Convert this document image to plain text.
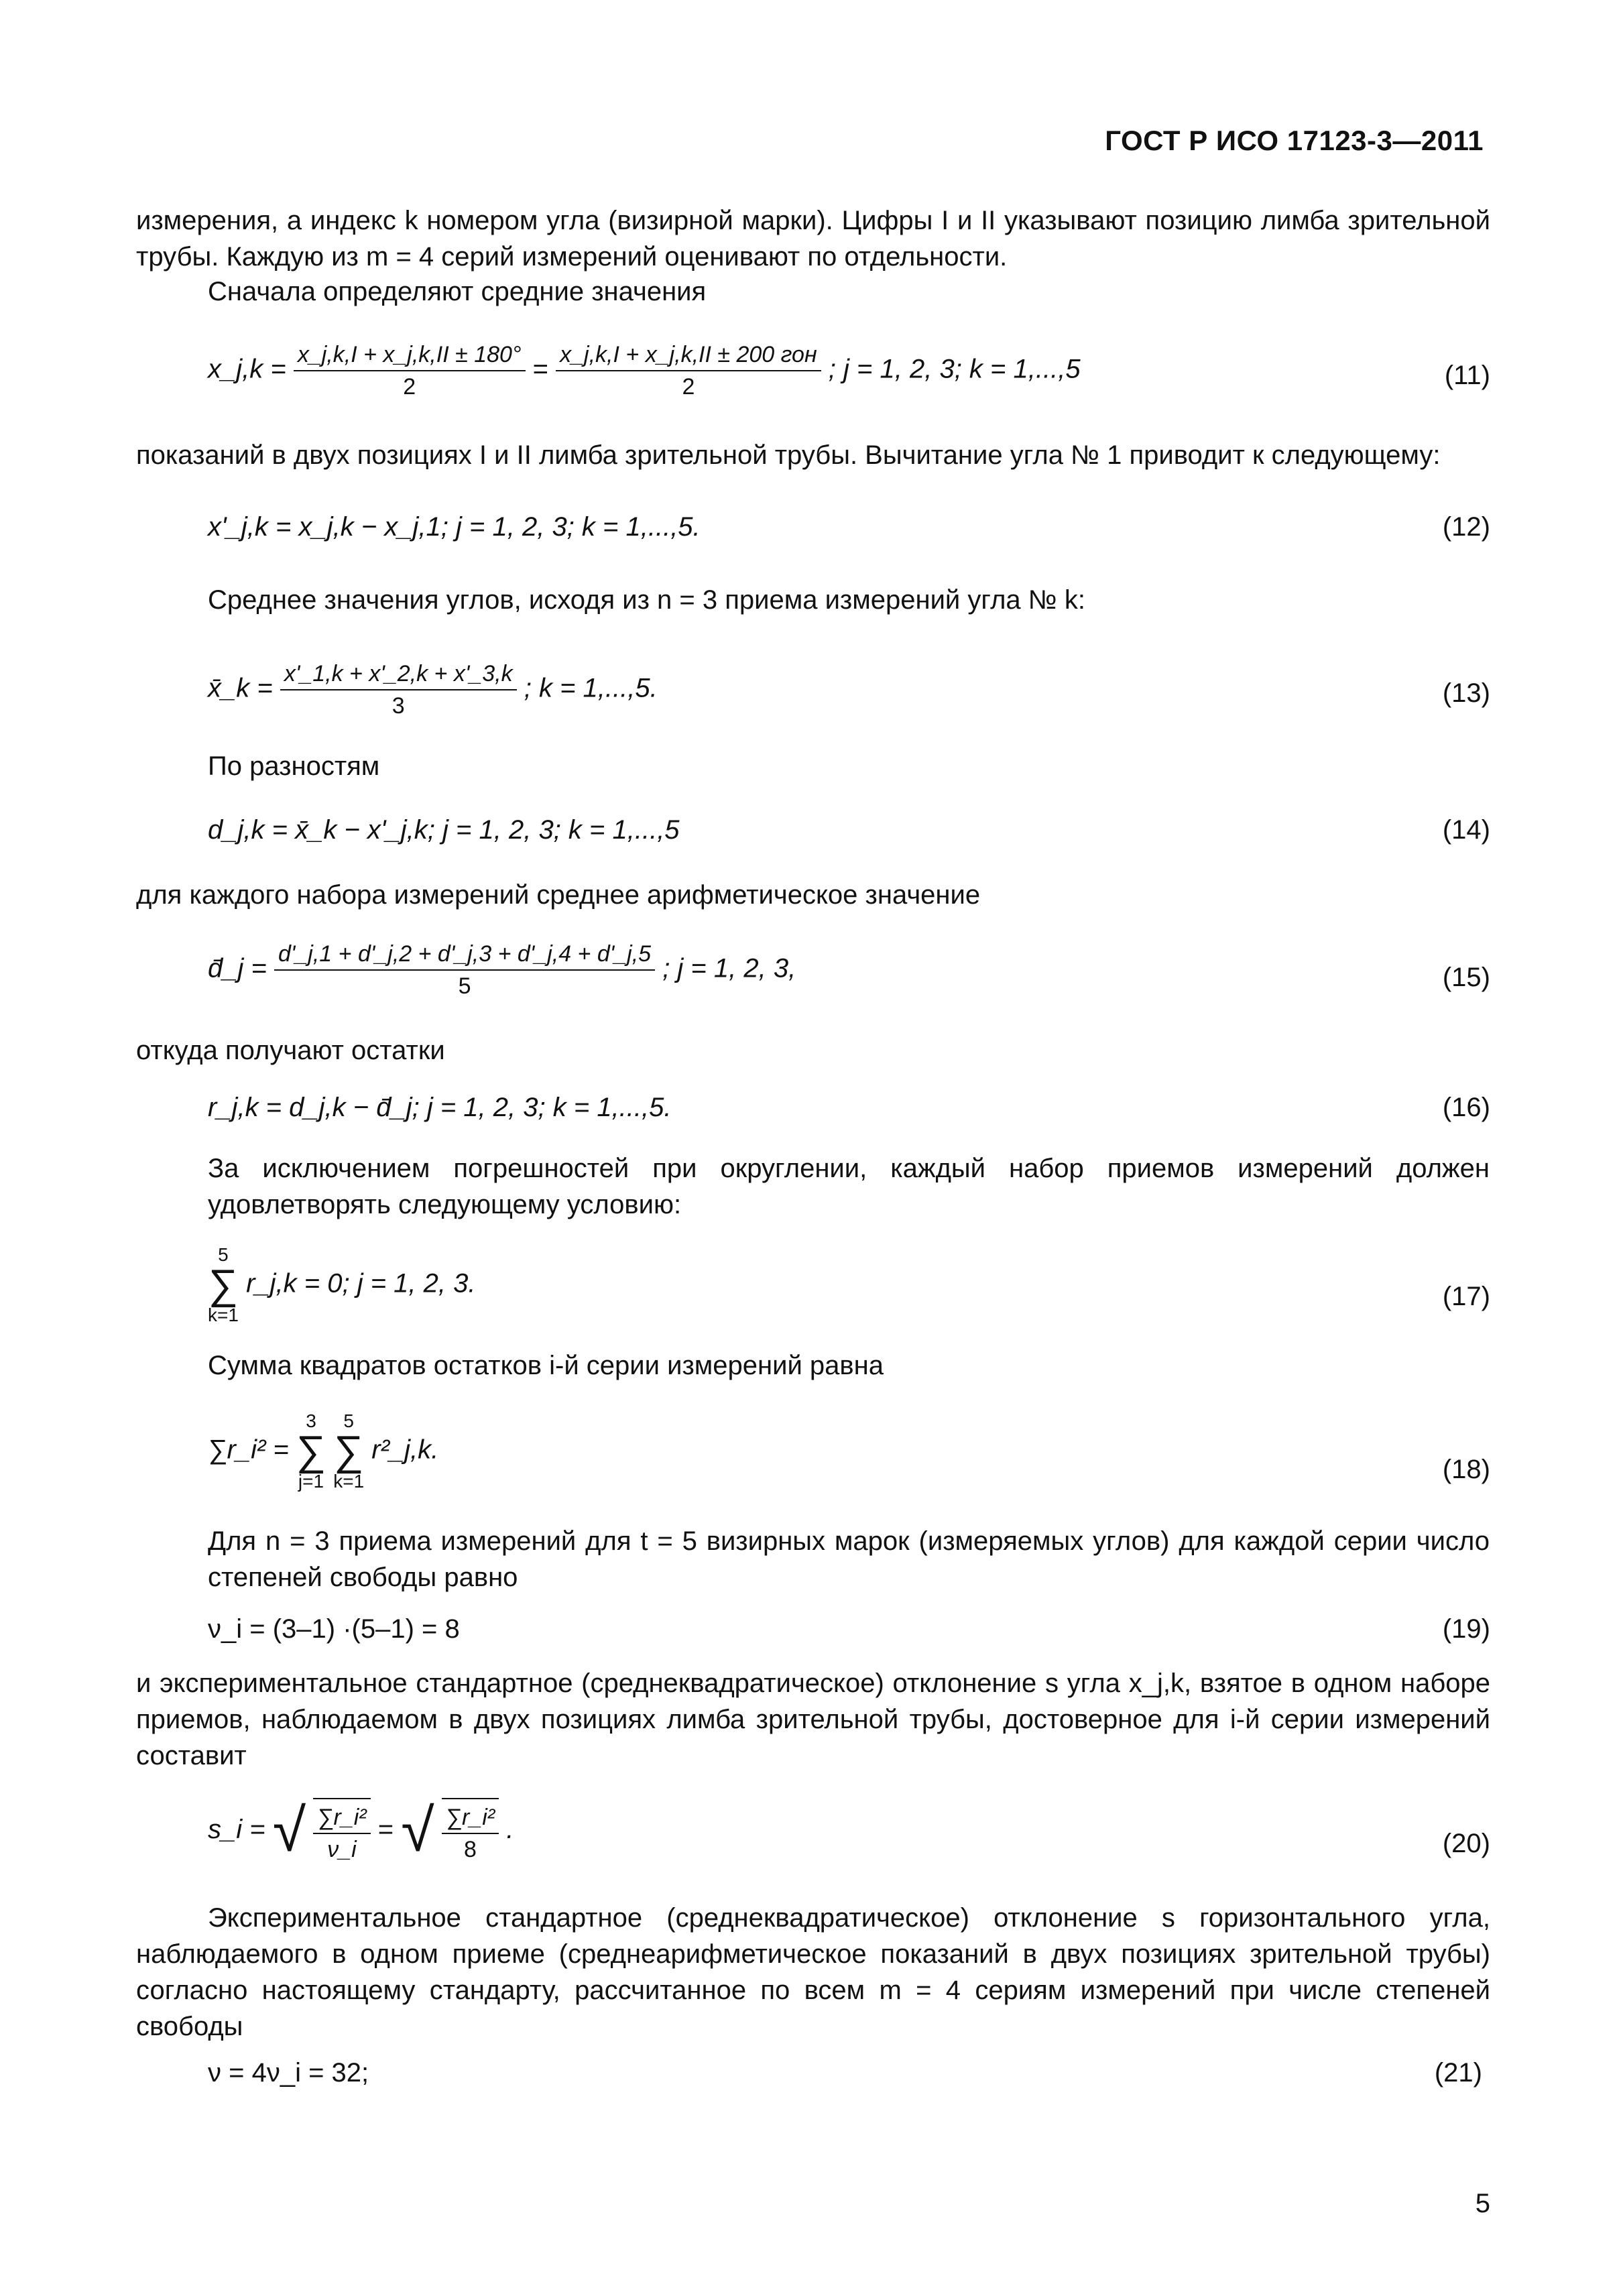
ГОСТ Р ИСО 17123-3—2011
измерения, а индекс k номером угла (визирной марки). Цифры I и II указывают позицию лимба зрительной трубы. Каждую из m = 4 серий измерений оценивают по отдельности.
Сначала определяют средние значения
x_j,k = $\frac{x\_j,k,I + x\_j,k,II \pm 180^\circ}{2} = \frac{\text{x\_j,k,I + x\_j,k,II ± 200 гон}}{2}$ ; j = 1, 2, 3; k = 1,...,5	(11)
показаний в двух позициях I и II лимба зрительной трубы. Вычитание угла № 1 приводит к следующему:
x'_j,k = x_j,k − x_j,1; j = 1, 2, 3; k = 1,...,5.	(12)
Среднее значения углов, исходя из n = 3 приема измерений угла № k:
x̄_k = $\frac{x'\_1,k + x'\_2,k + x'\_3,k}{3}$ ; k = 1,...,5.	(13)
По разностям
d_j,k = x̄_k − x'_j,k; j = 1, 2, 3; k = 1,...,5	(14)
для каждого набора измерений среднее арифметическое значение
d̄_j = $\frac{d'\_j,1 + d'\_j,2 + d'\_j,3 + d'\_j,4 + d'\_j,5}{5}$ ; j = 1, 2, 3,	(15)
откуда получают остатки
r_j,k = d_j,k − d̄_j; j = 1, 2, 3; k = 1,...,5.	(16)
За исключением погрешностей при округлении, каждый набор приемов измерений должен удовлетворять следующему условию:
5
∑
k=1
r_j,k = 0; j = 1, 2, 3.	(17)
Сумма квадратов остатков i-й серии измерений равна
∑r_i² =
3
∑
j=1

5
∑
k=1
r²_j,k.
(18)
Для n = 3 приема измерений для t = 5 визирных марок (измеряемых углов) для каждой серии число степеней свободы равно
ν_i = (3–1) ·(5–1) = 8	(19)
и экспериментальное стандартное (среднеквадратическое) отклонение s угла x_j,k, взятое в одном наборе приемов, наблюдаемом в двух позициях лимба зрительной трубы, достоверное для i-й серии измерений составит
s_i = √ $\frac{\text{∑r\_i²}}{\nu\_i}$ = √ $\frac{\text{∑r\_i²}}{8}$ .	(20)
Экспериментальное стандартное (среднеквадратическое) отклонение s горизонтального угла, наблюдаемого в одном приеме (среднеарифметическое показаний в двух позициях зрительной трубы) согласно настоящему стандарту, рассчитанное по всем m = 4 сериям измерений при числе степеней свободы
ν = 4ν_i = 32;	(21)
5
